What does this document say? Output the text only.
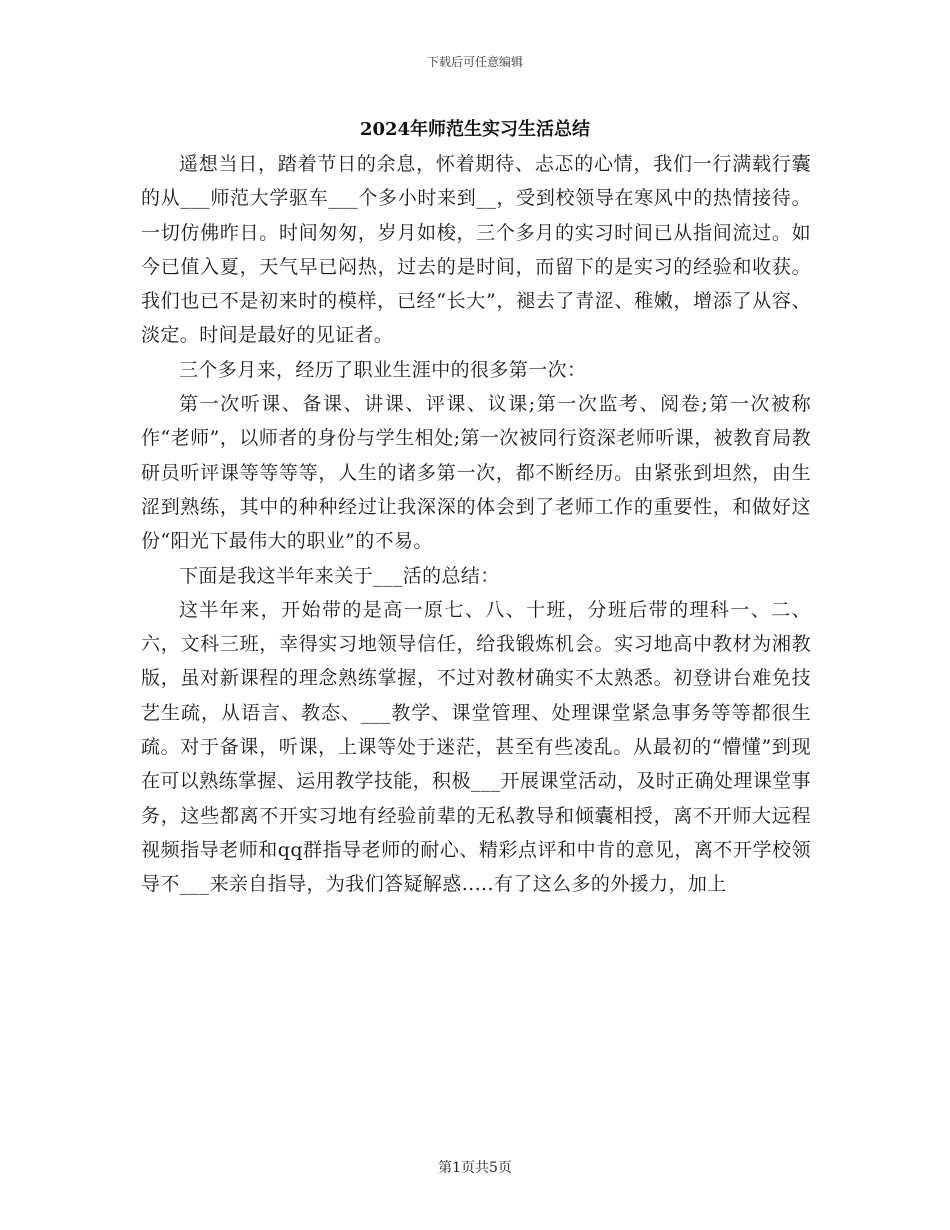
下载后可任意编辑
2024年师范生实习生活总结

遥想当日，踏着节日的余息，怀着期待、忐忑的心情，我们一行满载行囊的从___师范大学驱车___个多小时来到__，受到校领导在寒风中的热情接待。一切仿佛昨日。时间匆匆，岁月如梭，三个多月的实习时间已从指间流过。如今已值入夏，天气早已闷热，过去的是时间，而留下的是实习的经验和收获。我们也已不是初来时的模样，已经“长大”，褪去了青涩、稚嫩，增添了从容、淡定。时间是最好的见证者。

三个多月来，经历了职业生涯中的很多第一次：

第一次听课、备课、讲课、评课、议课;第一次监考、阅卷;第一次被称作“老师”，以师者的身份与学生相处;第一次被同行资深老师听课，被教育局教研员听评课等等等等，人生的诸多第一次，都不断经历。由紧张到坦然，由生涩到熟练，其中的种种经过让我深深的体会到了老师工作的重要性，和做好这份“阳光下最伟大的职业”的不易。

下面是我这半年来关于___活的总结：

这半年来，开始带的是高一原七、八、十班，分班后带的理科一、二、六，文科三班，幸得实习地领导信任，给我锻炼机会。实习地高中教材为湘教版，虽对新课程的理念熟练掌握，不过对教材确实不太熟悉。初登讲台难免技艺生疏，从语言、教态、___教学、课堂管理、处理课堂紧急事务等等都很生疏。对于备课，听课，上课等处于迷茫，甚至有些凌乱。从最初的“懵懂”到现在可以熟练掌握、运用教学技能，积极___开展课堂活动，及时正确处理课堂事务，这些都离不开实习地有经验前辈的无私教导和倾囊相授，离不开师大远程视频指导老师和qq群指导老师的耐心、精彩点评和中肯的意见，离不开学校领导不___来亲自指导，为我们答疑解惑.....有了这么多的外援力，加上

第1页共5页
